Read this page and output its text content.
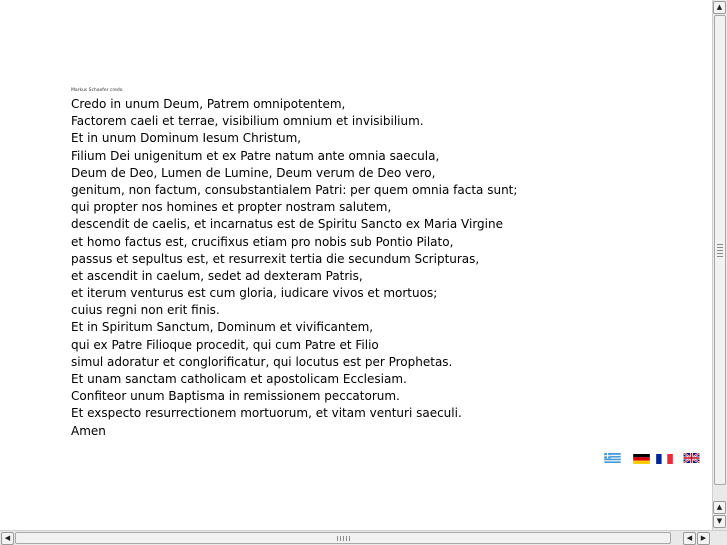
Markus Schaefer credo
Markus Schaefer credo
Credo in unum Deum, Patrem omnipotentem,
Factorem caeli et terrae, visibilium omnium et invisibilium.
Et in unum Dominum Iesum Christum,
Filium Dei unigenitum et ex Patre natum ante omnia saecula,
Deum de Deo, Lumen de Lumine, Deum verum de Deo vero,
genitum, non factum, consubstantialem Patri: per quem omnia facta sunt;
qui propter nos homines et propter nostram salutem,
descendit de caelis, et incarnatus est de Spiritu Sancto ex Maria Virgine
et homo factus est, crucifixus etiam pro nobis sub Pontio Pilato,
passus et sepultus est, et resurrexit tertia die secundum Scripturas,
et ascendit in caelum, sedet ad dexteram Patris,
et iterum venturus est cum gloria, iudicare vivos et mortuos;
cuius regni non erit finis.
Et in Spiritum Sanctum, Dominum et vivificantem,
qui ex Patre Filioque procedit, qui cum Patre et Filio
simul adoratur et conglorificatur, qui locutus est per Prophetas.
Et unam sanctam catholicam et apostolicam Ecclesiam.
Confiteor unum Baptisma in remissionem peccatorum.
Et exspecto resurrectionem mortuorum, et vitam venturi saeculi.
Amen
▲
▲
▼
◀	◀ ▶
